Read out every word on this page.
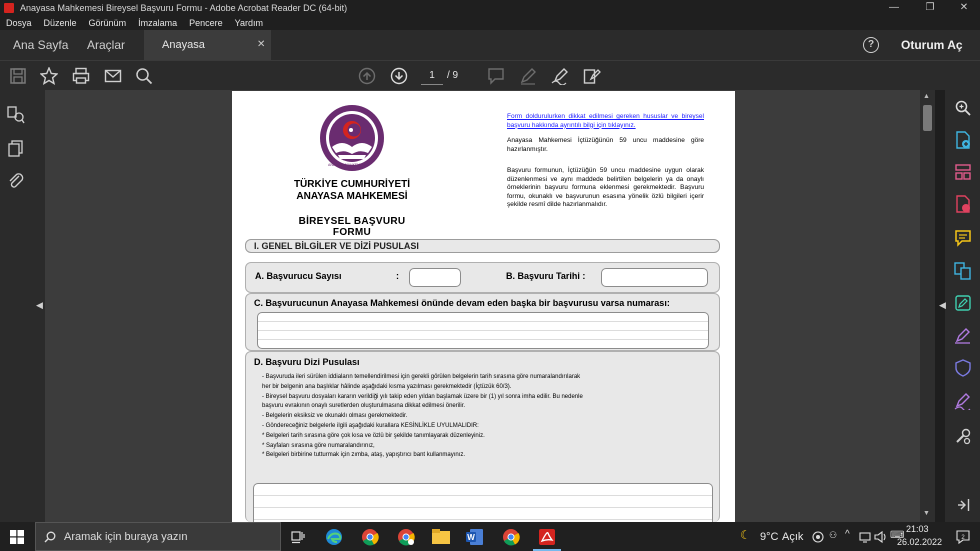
Anayasa Mahkemesi Bireysel Başvuru Formu - Adobe Acrobat Reader DC (64-bit)	—	❐	✕
Dosya Düzenle Görünüm İmzalama Pencere Yardım
Ana Sayfa Araçlar	?	Oturum Aç
Anayasa	✕
1	/ 9
◀
T.C.
ANAYASA MAHKEMESİ
TÜRKİYE CUMHURİYETİ
ANAYASA MAHKEMESİ
BİREYSEL BAŞVURU FORMU
Form doldurulurken dikkat edilmesi gereken hususlar ve bireysel başvuru hakkında ayrıntılı bilgi için tıklayınız.
Anayasa Mahkemesi İçtüzüğünün 59 uncu maddesine göre hazırlanmıştır.
Başvuru formunun, İçtüzüğün 59 uncu maddesine uygun olarak düzenlenmesi ve aynı maddede belirtilen belgelerin ya da onaylı örneklerinin başvuru formuna eklenmesi gerekmektedir. Başvuru formu, okunaklı ve başvurunun esasına yönelik özlü bilgileri içerir şekilde resmî dilde hazırlanmalıdır.
I. GENEL BİLGİLER VE DİZİ PUSULASI
A. Başvurucu Sayısı	:	B. Başvuru Tarihi :
C. Başvurucunun Anayasa Mahkemesi önünde devam eden başka bir başvurusu varsa numarası:
D. Başvuru Dizi Pusulası
- Başvuruda ileri sürülen iddiaların temellendirilmesi için gerekli görülen belgelerin tarih sırasına göre numaralandırılarak
her bir belgenin ana başlıklar hâlinde aşağıdaki kısma yazılması gerekmektedir (İçtüzük 60/3).
- Bireysel başvuru dosyaları kararın verildiği yılı takip eden yıldan başlamak üzere bir (1) yıl sonra imha edilir. Bu nedenle
başvuru evrakının onaylı suretlerden oluşturulmasına dikkat edilmesi önerilir.
- Belgelerin eksiksiz ve okunaklı olması gerekmektedir.
- Göndereceğiniz belgelerle ilgili aşağıdaki kurallara KESİNLİKLE UYULMALIDIR:
* Belgeleri tarih sırasına göre çok kısa ve özlü bir şekilde tanımlayarak düzenleyiniz.
* Sayfaları sırasına göre numaralandırınız,
* Belgeleri birbirine tutturmak için zımba, ataş, yapıştırıcı bant kullanmayınız.
▲
▼
◀
Aramak için buraya yazın	W	☾ 9°C Açık	⚇ ^	⌨
21:03
26.02.2022	2
